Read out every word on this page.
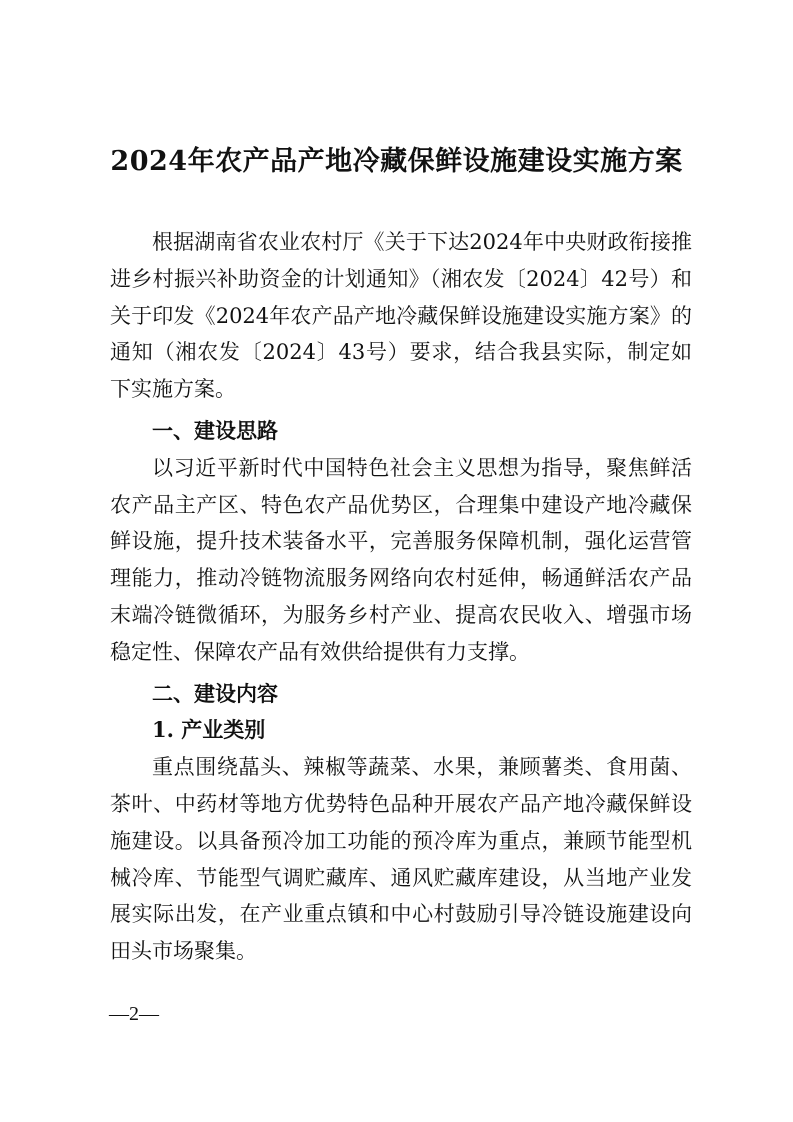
2024年农产品产地冷藏保鲜设施建设实施方案

根据湖南省农业农村厅《关于下达2024年中央财政衔接推进乡村振兴补助资金的计划通知》（湘农发〔2024〕42号）和关于印发《2024年农产品产地冷藏保鲜设施建设实施方案》的通知（湘农发〔2024〕43号）要求，结合我县实际，制定如下实施方案。

一、建设思路

以习近平新时代中国特色社会主义思想为指导，聚焦鲜活农产品主产区、特色农产品优势区，合理集中建设产地冷藏保鲜设施，提升技术装备水平，完善服务保障机制，强化运营管理能力，推动冷链物流服务网络向农村延伸，畅通鲜活农产品末端冷链微循环，为服务乡村产业、提高农民收入、增强市场稳定性、保障农产品有效供给提供有力支撑。

二、建设内容

1. 产业类别

重点围绕蕌头、辣椒等蔬菜、水果，兼顾薯类、食用菌、茶叶、中药材等地方优势特色品种开展农产品产地冷藏保鲜设施建设。以具备预冷加工功能的预冷库为重点，兼顾节能型机械冷库、节能型气调贮藏库、通风贮藏库建设，从当地产业发展实际出发，在产业重点镇和中心村鼓励引导冷链设施建设向田头市场聚集。

—2—
